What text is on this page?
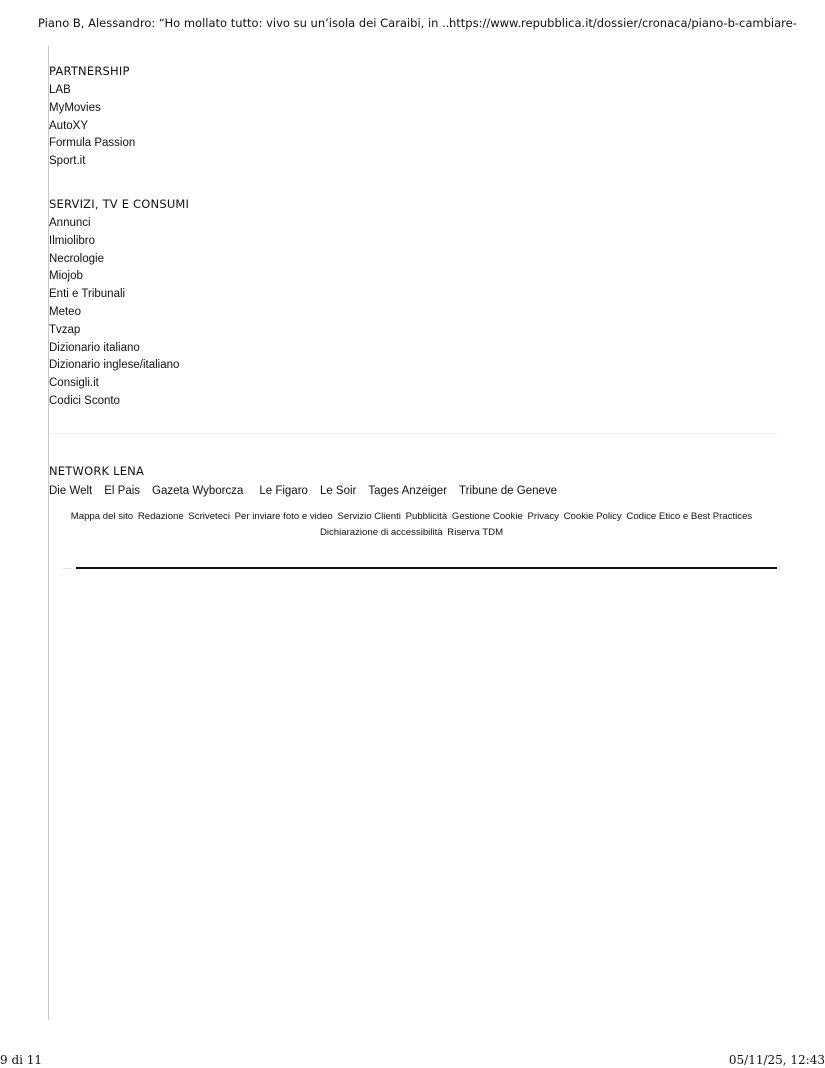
Piano B, Alessandro: “Ho mollato tutto: vivo su un’isola dei Caraibi, in ...
https://www.repubblica.it/dossier/cronaca/piano-b-cambiare-
PARTNERSHIP
LAB
MyMovies
AutoXY
Formula Passion
Sport.it
SERVIZI, TV E CONSUMI
Annunci
Ilmiolibro
Necrologie
Miojob
Enti e Tribunali
Meteo
Tvzap
Dizionario italiano
Dizionario inglese/italiano
Consigli.it
Codici Sconto
NETWORK LENA
Die Welt El Pais Gazeta Wyborcza Le Figaro Le Soir Tages Anzeiger Tribune de Geneve
Mappa del sito Redazione Scriveteci Per inviare foto e video Servizio Clienti Pubblicità Gestione Cookie Privacy Cookie Policy Codice Etico e Best Practices
Dichiarazione di accessibilità Riserva TDM
9 di 11	05/11/25, 12:43
